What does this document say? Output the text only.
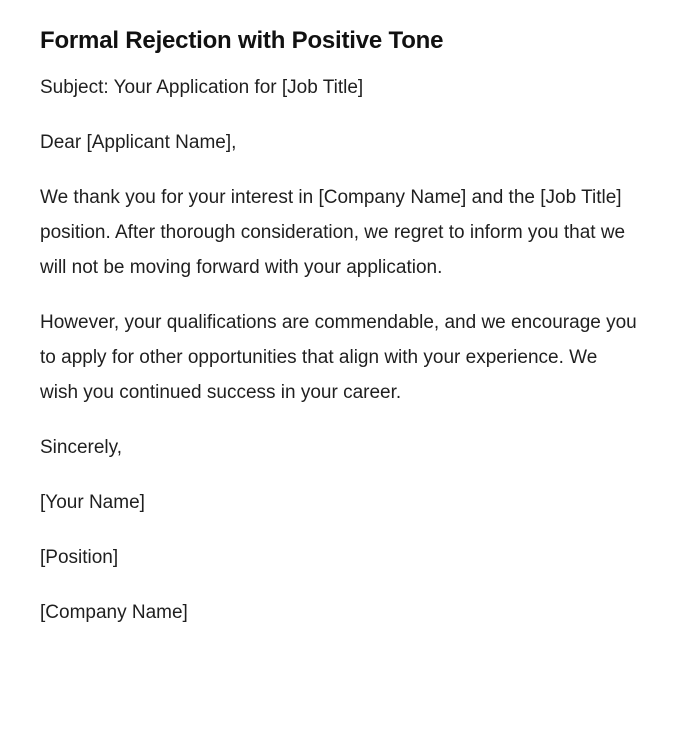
Formal Rejection with Positive Tone

Subject: Your Application for [Job Title]

Dear [Applicant Name],

We thank you for your interest in [Company Name] and the [Job Title] position. After thorough consideration, we regret to inform you that we will not be moving forward with your application.

However, your qualifications are commendable, and we encourage you to apply for other opportunities that align with your experience. We wish you continued success in your career.

Sincerely,

[Your Name]

[Position]

[Company Name]
